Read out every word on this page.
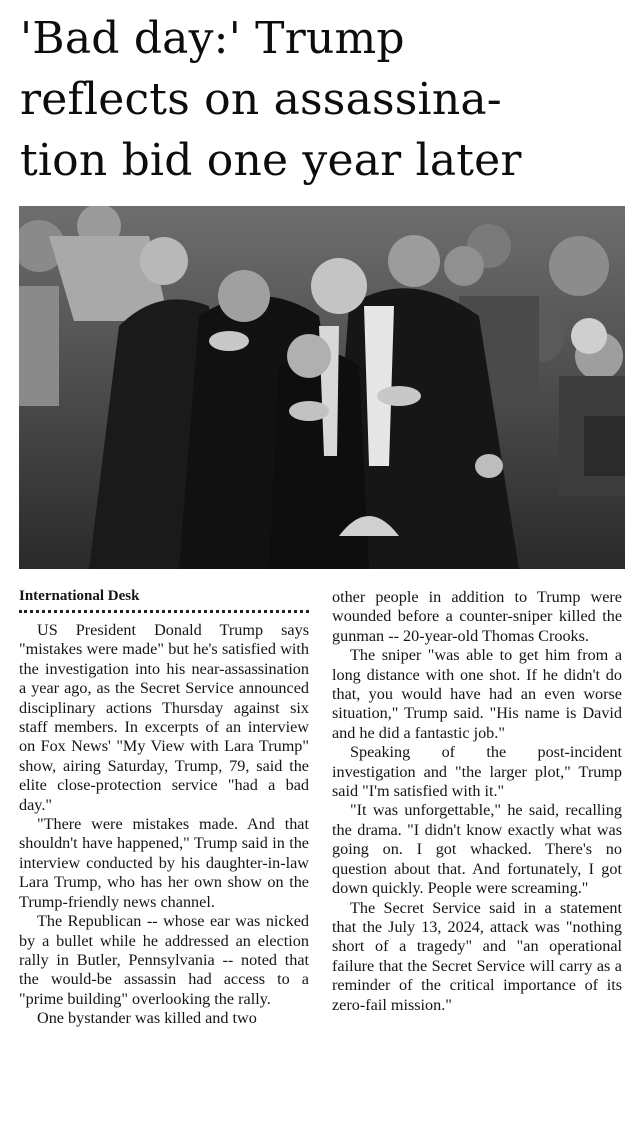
'Bad day:' Trump
reflects on assassina-
tion bid one year later
International Desk

US President Donald Trump says "mistakes were made" but he's satisfied with the investigation into his near-assassination a year ago, as the Secret Service announced disciplinary actions Thursday against six staff members. In excerpts of an interview on Fox News' "My View with Lara Trump" show, airing Saturday, Trump, 79, said the elite close-protection service "had a bad day."

"There were mistakes made. And that shouldn't have happened," Trump said in the interview conducted by his daughter-in-law Lara Trump, who has her own show on the Trump-friendly news channel.

The Republican -- whose ear was nicked by a bullet while he addressed an election rally in Butler, Pennsylvania -- noted that the would-be assassin had access to a "prime building" overlooking the rally.

One bystander was killed and two

other people in addition to Trump were wounded before a counter-sniper killed the gunman -- 20-year-old Thomas Crooks.

The sniper "was able to get him from a long distance with one shot. If he didn't do that, you would have had an even worse situation," Trump said. "His name is David and he did a fantastic job."

Speaking of the post-incident investigation and "the larger plot," Trump said "I'm satisfied with it."

"It was unforgettable," he said, recalling the drama. "I didn't know exactly what was going on. I got whacked. There's no question about that. And fortunately, I got down quickly. People were screaming."

The Secret Service said in a statement that the July 13, 2024, attack was "nothing short of a tragedy" and "an operational failure that the Secret Service will carry as a reminder of the critical importance of its zero-fail mission."
